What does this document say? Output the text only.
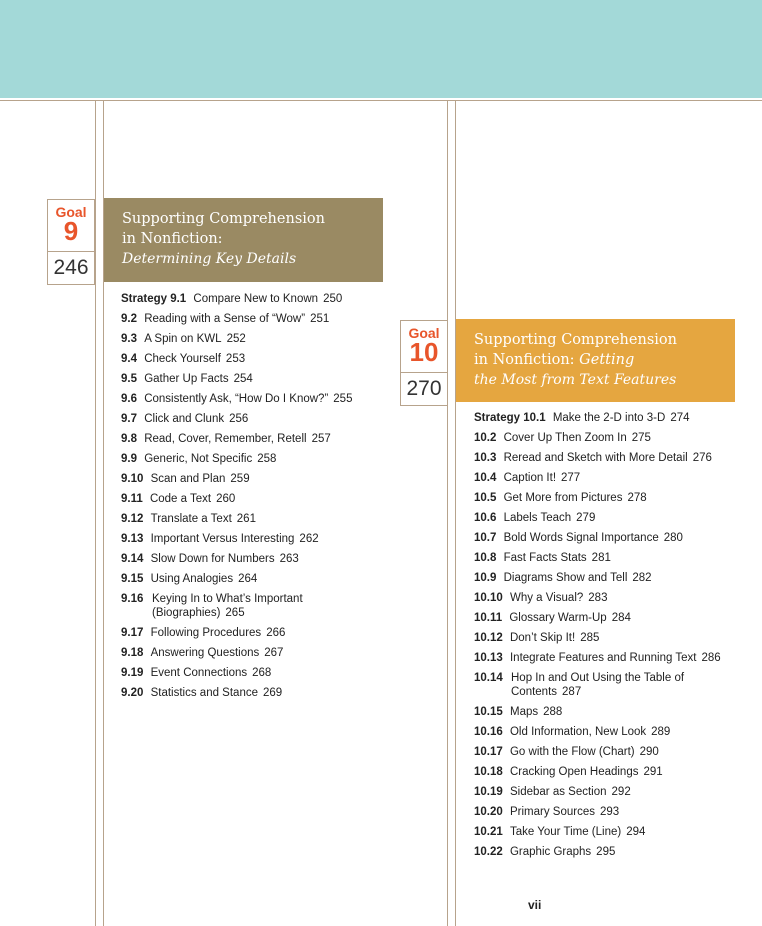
Goal
9
246
Supporting Comprehension
in Nonfiction:
Determining Key Details
Strategy 9.1 Compare New to Known 250
9.2 Reading with a Sense of “Wow” 251
9.3 A Spin on KWL 252
9.4 Check Yourself 253
9.5 Gather Up Facts 254
9.6 Consistently Ask, “How Do I Know?” 255
9.7 Click and Clunk 256
9.8 Read, Cover, Remember, Retell 257
9.9 Generic, Not Specific 258
9.10 Scan and Plan 259
9.11 Code a Text 260
9.12 Translate a Text 261
9.13 Important Versus Interesting 262
9.14 Slow Down for Numbers 263
9.15 Using Analogies 264
9.16 Keying In to What’s Important
(Biographies) 265
9.17 Following Procedures 266
9.18 Answering Questions 267
9.19 Event Connections 268
9.20 Statistics and Stance 269
Goal
10
270
Supporting Comprehension
in Nonfiction: Getting
the Most from Text Features
Strategy 10.1 Make the 2-D into 3-D 274
10.2 Cover Up Then Zoom In 275
10.3 Reread and Sketch with More Detail 276
10.4 Caption It! 277
10.5 Get More from Pictures 278
10.6 Labels Teach 279
10.7 Bold Words Signal Importance 280
10.8 Fast Facts Stats 281
10.9 Diagrams Show and Tell 282
10.10 Why a Visual? 283
10.11 Glossary Warm-Up 284
10.12 Don’t Skip It! 285
10.13 Integrate Features and Running Text 286
10.14 Hop In and Out Using the Table of
Contents 287
10.15 Maps 288
10.16 Old Information, New Look 289
10.17 Go with the Flow (Chart) 290
10.18 Cracking Open Headings 291
10.19 Sidebar as Section 292
10.20 Primary Sources 293
10.21 Take Your Time (Line) 294
10.22 Graphic Graphs 295
vii
